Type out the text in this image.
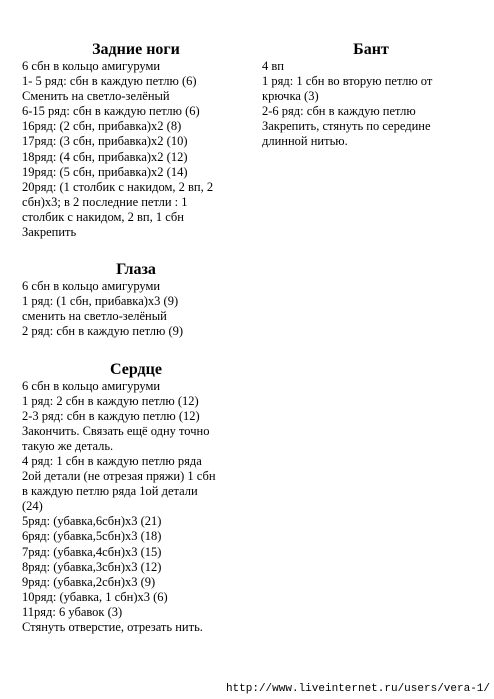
Задние ноги
6 сбн в кольцо амигуруми
1- 5 ряд: сбн в каждую петлю (6)
Сменить на светло-зелёный
6-15 ряд: сбн в каждую петлю (6)
16ряд: (2 сбн, прибавка)х2 (8)
17ряд: (3 сбн, прибавка)х2 (10)
18ряд: (4 сбн, прибавка)х2 (12)
19ряд: (5 сбн, прибавка)х2 (14)
20ряд: (1 столбик с накидом, 2 вп, 2
сбн)х3; в 2 последние петли : 1
столбик с накидом, 2 вп, 1 сбн
Закрепить
Глаза
6 сбн в кольцо амигуруми
1 ряд: (1 сбн, прибавка)х3 (9)
сменить на светло-зелёный
2 ряд: сбн в каждую петлю (9)
Сердце
6 сбн в кольцо амигуруми
1 ряд: 2 сбн в каждую петлю (12)
2-3 ряд: сбн в каждую петлю (12)
Закончить. Связать ещё одну точно
такую же деталь.
4 ряд: 1 сбн в каждую петлю ряда
2ой детали (не отрезая пряжи) 1 сбн
в каждую петлю ряда 1ой детали
(24)
5ряд: (убавка,6сбн)х3 (21)
6ряд: (убавка,5сбн)х3 (18)
7ряд: (убавка,4сбн)х3 (15)
8ряд: (убавка,3сбн)х3 (12)
9ряд: (убавка,2сбн)х3 (9)
10ряд: (убавка, 1 сбн)х3 (6)
11ряд: 6 убавок (3)
Стянуть отверстие, отрезать нить.
Бант
4 вп
1 ряд: 1 сбн во вторую петлю от
крючка (3)
2-6 ряд: сбн в каждую петлю
Закрепить, стянуть по середине
длинной нитью.
http://www.liveinternet.ru/users/vera-1/
